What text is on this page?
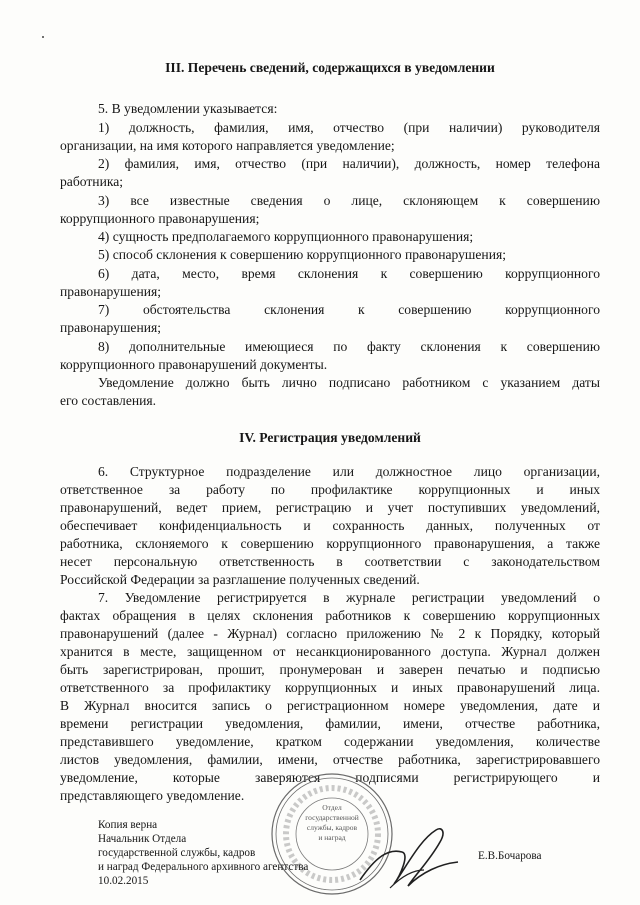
III. Перечень сведений, содержащихся в уведомлении
5. В уведомлении указывается:
1) должность, фамилия, имя, отчество (при наличии) руководителя
организации, на имя которого направляется уведомление;
2) фамилия, имя, отчество (при наличии), должность, номер телефона
работника;
3) все известные сведения о лице, склоняющем к совершению
коррупционного правонарушения;
4) сущность предполагаемого коррупционного правонарушения;
5) способ склонения к совершению коррупционного правонарушения;
6) дата, место, время склонения к совершению коррупционного
правонарушения;
7) обстоятельства склонения к совершению коррупционного
правонарушения;
8) дополнительные имеющиеся по факту склонения к совершению
коррупционного правонарушений документы.
Уведомление должно быть лично подписано работником с указанием даты
его составления.
IV. Регистрация уведомлений
6. Структурное подразделение или должностное лицо организации,
ответственное за работу по профилактике коррупционных и иных
правонарушений, ведет прием, регистрацию и учет поступивших уведомлений,
обеспечивает конфиденциальность и сохранность данных, полученных от
работника, склоняемого к совершению коррупционного правонарушения, а также
несет персональную ответственность в соответствии с законодательством
Российской Федерации за разглашение полученных сведений.
7. Уведомление регистрируется в журнале регистрации уведомлений о
фактах обращения в целях склонения работников к совершению коррупционных
правонарушений (далее - Журнал) согласно приложению № 2 к Порядку, который
хранится в месте, защищенном от несанкционированного доступа. Журнал должен
быть зарегистрирован, прошит, пронумерован и заверен печатью и подписью
ответственного за профилактику коррупционных и иных правонарушений лица.
В Журнал вносится запись о регистрационном номере уведомления, дате и
времени регистрации уведомления, фамилии, имени, отчестве работника,
представившего уведомление, кратком содержании уведомления, количестве
листов уведомления, фамилии, имени, отчестве работника, зарегистрировавшего
уведомление, которые заверяются подписями регистрирующего и
представляющего уведомление.
Отдел
государственной
службы, кадров
и наград
Копия верна
Начальник Отдела
государственной службы, кадров
и наград Федерального архивного агентства
10.02.2015
Е.В.Бочарова
